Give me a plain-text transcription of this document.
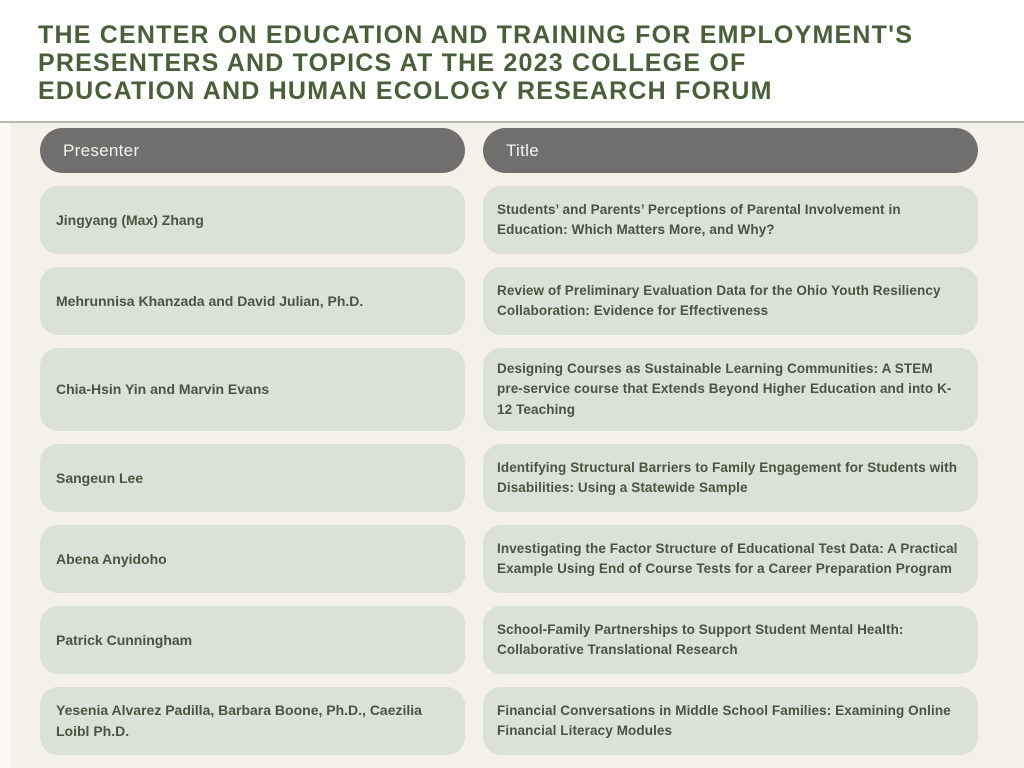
THE CENTER ON EDUCATION AND TRAINING FOR EMPLOYMENT'S
PRESENTERS AND TOPICS AT THE 2023 COLLEGE OF
EDUCATION AND HUMAN ECOLOGY RESEARCH FORUM
Presenter	Title
Jingyang (Max) Zhang
Students’ and Parents’ Perceptions of Parental Involvement in Education: Which Matters More, and Why?
Mehrunnisa Khanzada and David Julian, Ph.D.
Review of Preliminary Evaluation Data for the Ohio Youth Resiliency Collaboration: Evidence for Effectiveness
Chia-Hsin Yin and Marvin Evans
Designing Courses as Sustainable Learning Communities: A STEM pre-service course that Extends Beyond Higher Education and into K-12 Teaching
Sangeun Lee
Identifying Structural Barriers to Family Engagement for Students with Disabilities: Using a Statewide Sample
Abena Anyidoho
Investigating the Factor Structure of Educational Test Data: A Practical Example Using End of Course Tests for a Career Preparation Program
Patrick Cunningham
School-Family Partnerships to Support Student Mental Health: Collaborative Translational Research
Yesenia Alvarez Padilla, Barbara Boone, Ph.D., Caezilia Loibl Ph.D.
Financial Conversations in Middle School Families: Examining Online Financial Literacy Modules
